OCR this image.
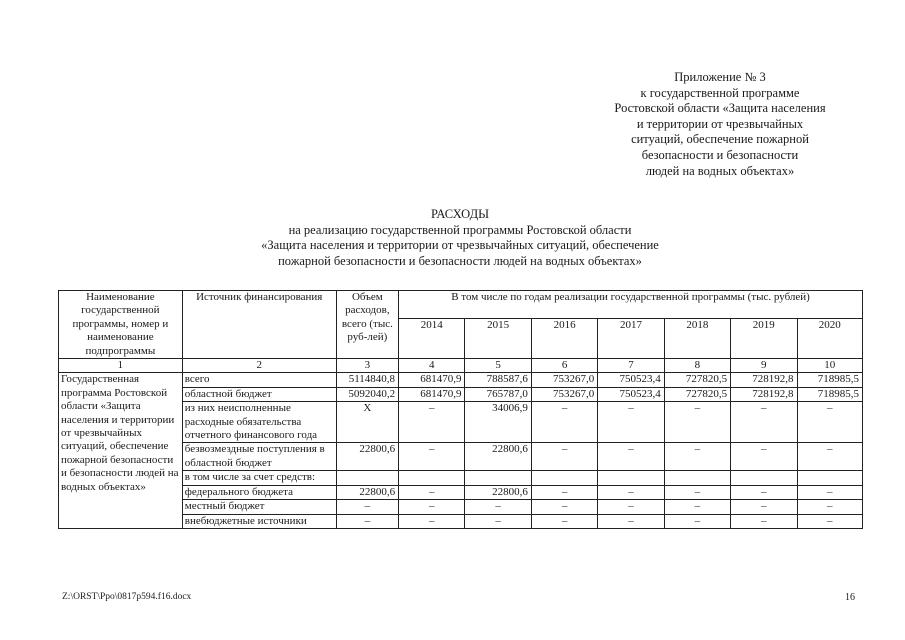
Приложение № 3
к государственной программе
Ростовской области «Защита населения
и территории от чрезвычайных
ситуаций, обеспечение пожарной
безопасности и безопасности
людей на водных объектах»
РАСХОДЫ
на реализацию государственной программы Ростовской области
«Защита населения и территории от чрезвычайных ситуаций, обеспечение
пожарной безопасности и безопасности людей на водных объектах»
Наименование государственной программы, номер и наименование подпрограммы	Источник финансирования	Объем расходов, всего (тыс. руб-лей)	В том числе по годам реализации государственной программы (тыс. рублей)						
			2014	2015	2016	2017	2018	2019	2020
1	2	3	4	5	6	7	8	9	10
Государственная программа Ростовской области «Защита населения и территории от чрезвычайных ситуаций, обеспечение пожарной безопасности и безопасности людей на водных объектах»	всего	5114840,8	681470,9	788587,6	753267,0	750523,4	727820,5	728192,8	718985,5
	областной бюджет	5092040,2	681470,9	765787,0	753267,0	750523,4	727820,5	728192,8	718985,5
	из них неисполненные расходные обязательства отчетного финансового года	Х	–	34006,9	–	–	–	–	–
	безвозмездные поступления в областной бюджет	22800,6	–	22800,6	–	–	–	–	–
	в том числе за счет средств:								
	федерального бюджета	22800,6	–	22800,6	–	–	–	–	–
	местный бюджет	–	–	–	–	–	–	–	–
	внебюджетные источники	–	–	–	–	–	–	–	–
Z:\ORST\Ppo\0817p594.f16.docx	16
